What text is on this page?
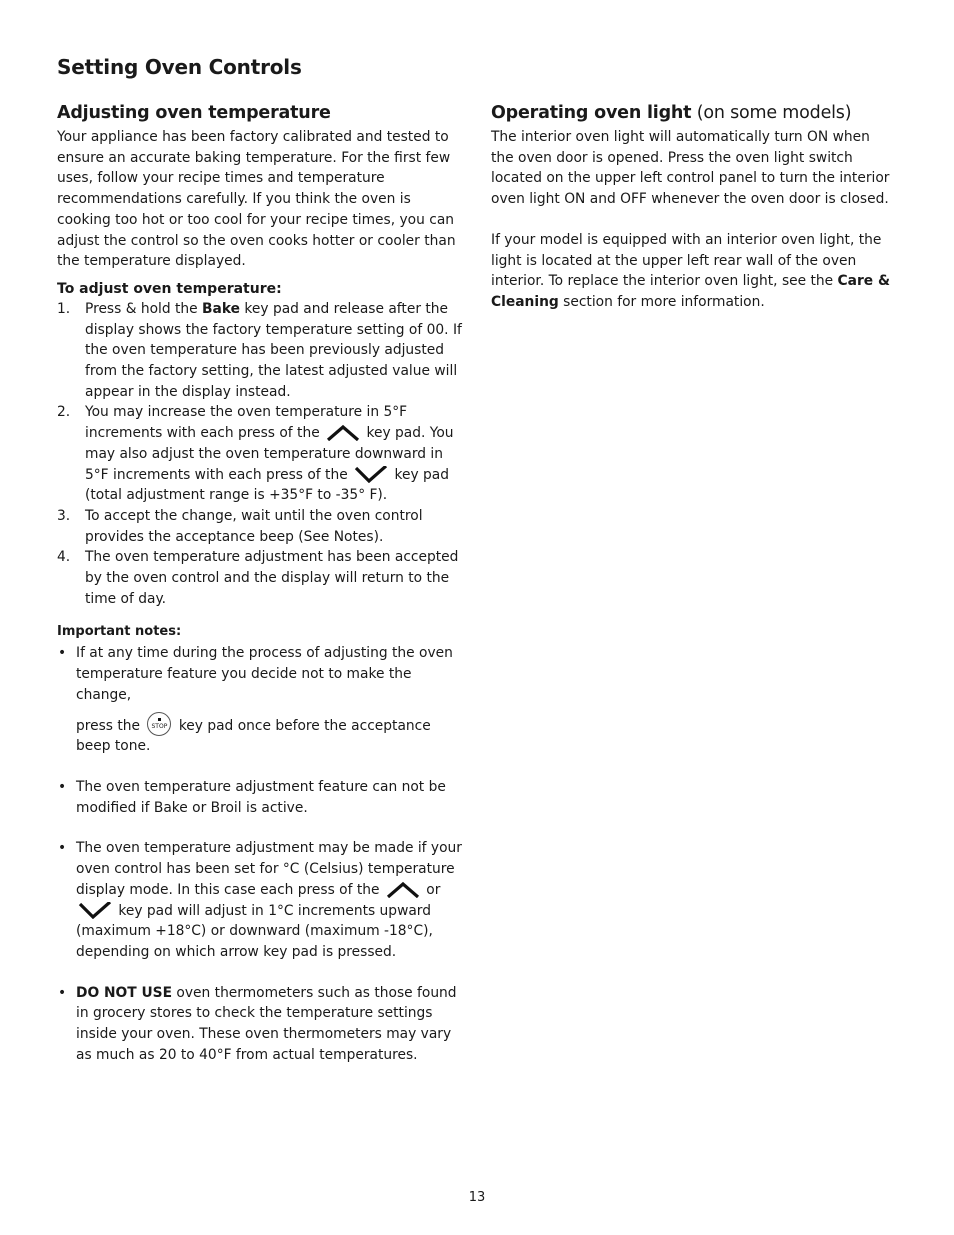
Setting Oven Controls
Adjusting oven temperature

Your appliance has been factory calibrated and tested to ensure an accurate baking temperature. For the first few uses, follow your recipe times and temperature recommendations carefully. If you think the oven is cooking too hot or too cool for your recipe times, you can adjust the control so the oven cooks hotter or cooler than the temperature displayed.

To adjust oven temperature:
1. Press & hold the Bake key pad and release after the display shows the factory temperature setting of 00. If the oven temperature has been previously adjusted from the factory setting, the latest adjusted value will appear in the display instead.
2. You may increase the oven temperature in 5°F increments with each press of the	key pad. You may also adjust the oven temperature downward in 5°F increments with each press of the	key pad (total adjustment range is +35°F to -35° F).
3. To accept the change, wait until the oven control provides the acceptance beep (See Notes).
4. The oven temperature adjustment has been accepted by the oven control and the display will return to the time of day.
Important notes:
• If at any time during the process of adjusting the oven temperature feature you decide not to make the change,
press the	STOP key pad once before the acceptance beep tone.
• The oven temperature adjustment feature can not be modified if Bake or Broil is active.
• The oven temperature adjustment may be made if your oven control has been set for °C (Celsius) temperature display mode. In this case each press of the	or  key pad will adjust in 1°C increments upward (maximum +18°C) or downward (maximum -18°C), depending on which arrow key pad is pressed.
• DO NOT USE oven thermometers such as those found in grocery stores to check the temperature settings inside your oven. These oven thermometers may vary as much as 20 to 40°F from actual temperatures.
Operating oven light (on some models)

The interior oven light will automatically turn ON when the oven door is opened. Press the oven light switch located on the upper left control panel to turn the interior oven light ON and OFF whenever the oven door is closed.

If your model is equipped with an interior oven light, the light is located at the upper left rear wall of the oven interior. To replace the interior oven light, see the Care & Cleaning section for more information.

13
